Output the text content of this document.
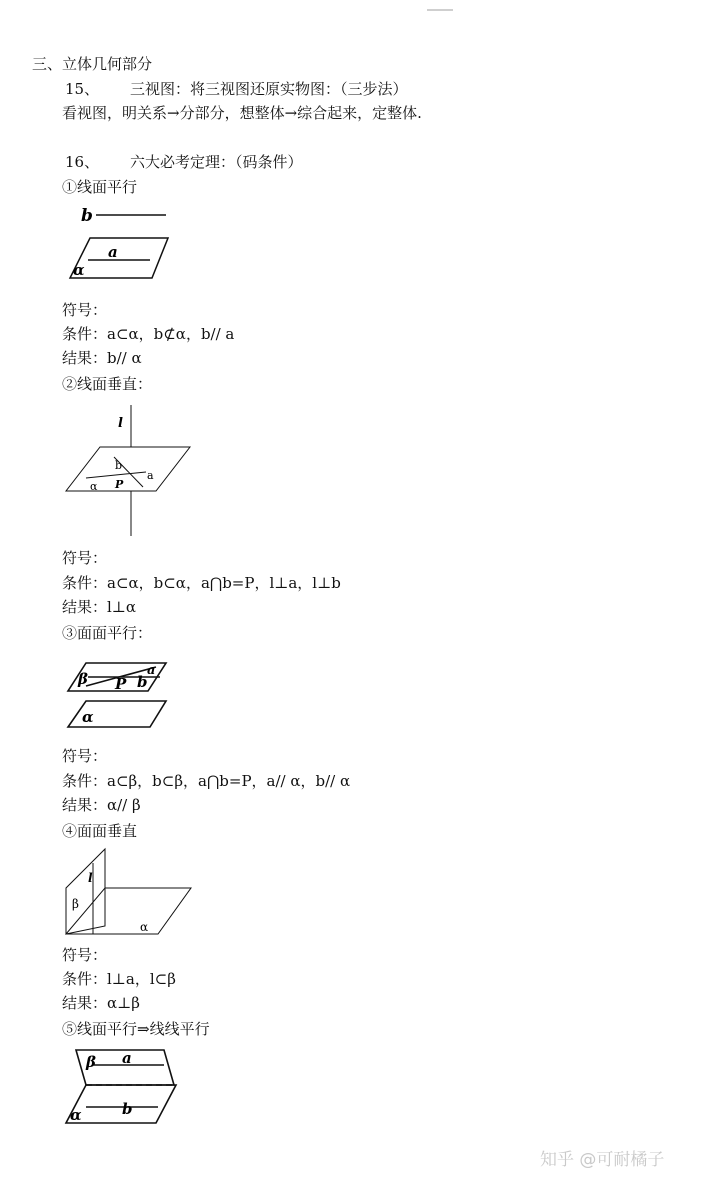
三、立体几何部分
15、 三视图：将三视图还原实物图：（三步法）
看视图，明关系→分部分，想整体→综合起来，定整体.
16、 六大必考定理：（码条件）
①线面平行
b
a
α
符号：
条件：a⊂α，b⊄α，b// a
结果：b// α
②线面垂直：
l
b
a
α P
符号：
条件：a⊂α，b⊂α，a⋂b=P，l⊥a，l⊥b
结果：l⊥α
③面面平行：
β P b
a
α
符号：
条件：a⊂β，b⊂β，a⋂b=P，a// α，b// α
结果：α// β
④面面垂直
l
β
α
符号：
条件：l⊥a，l⊂β
结果：α⊥β
⑤线面平行⇒线线平行
β a
α	b
知乎 @可耐橘子
